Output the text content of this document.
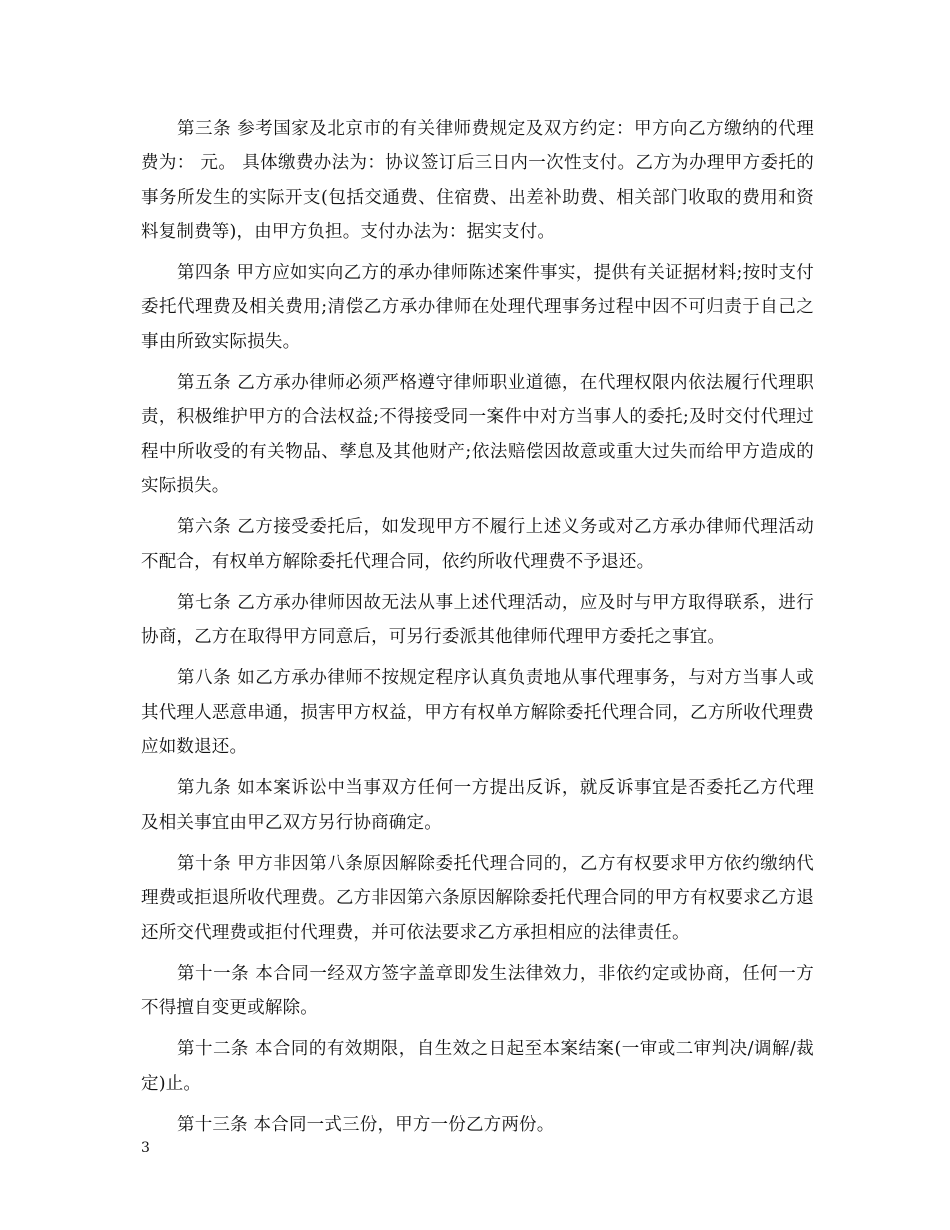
第三条 参考国家及北京市的有关律师费规定及双方约定：甲方向乙方缴纳的代理费为： 元。 具体缴费办法为：协议签订后三日内一次性支付。乙方为办理甲方委托的事务所发生的实际开支(包括交通费、住宿费、出差补助费、相关部门收取的费用和资料复制费等)，由甲方负担。支付办法为：据实支付。

第四条 甲方应如实向乙方的承办律师陈述案件事实，提供有关证据材料;按时支付委托代理费及相关费用;清偿乙方承办律师在处理代理事务过程中因不可归责于自己之事由所致实际损失。

第五条 乙方承办律师必须严格遵守律师职业道德，在代理权限内依法履行代理职责，积极维护甲方的合法权益;不得接受同一案件中对方当事人的委托;及时交付代理过程中所收受的有关物品、孳息及其他财产;依法赔偿因故意或重大过失而给甲方造成的实际损失。

第六条 乙方接受委托后，如发现甲方不履行上述义务或对乙方承办律师代理活动不配合，有权单方解除委托代理合同，依约所收代理费不予退还。

第七条 乙方承办律师因故无法从事上述代理活动，应及时与甲方取得联系，进行协商，乙方在取得甲方同意后，可另行委派其他律师代理甲方委托之事宜。

第八条 如乙方承办律师不按规定程序认真负责地从事代理事务，与对方当事人或其代理人恶意串通，损害甲方权益，甲方有权单方解除委托代理合同，乙方所收代理费应如数退还。

第九条 如本案诉讼中当事双方任何一方提出反诉，就反诉事宜是否委托乙方代理及相关事宜由甲乙双方另行协商确定。

第十条 甲方非因第八条原因解除委托代理合同的，乙方有权要求甲方依约缴纳代理费或拒退所收代理费。乙方非因第六条原因解除委托代理合同的甲方有权要求乙方退还所交代理费或拒付代理费，并可依法要求乙方承担相应的法律责任。

第十一条 本合同一经双方签字盖章即发生法律效力，非依约定或协商，任何一方不得擅自变更或解除。

第十二条 本合同的有效期限，自生效之日起至本案结案(一审或二审判决/调解/裁定)止。

第十三条 本合同一式三份，甲方一份乙方两份。

3
